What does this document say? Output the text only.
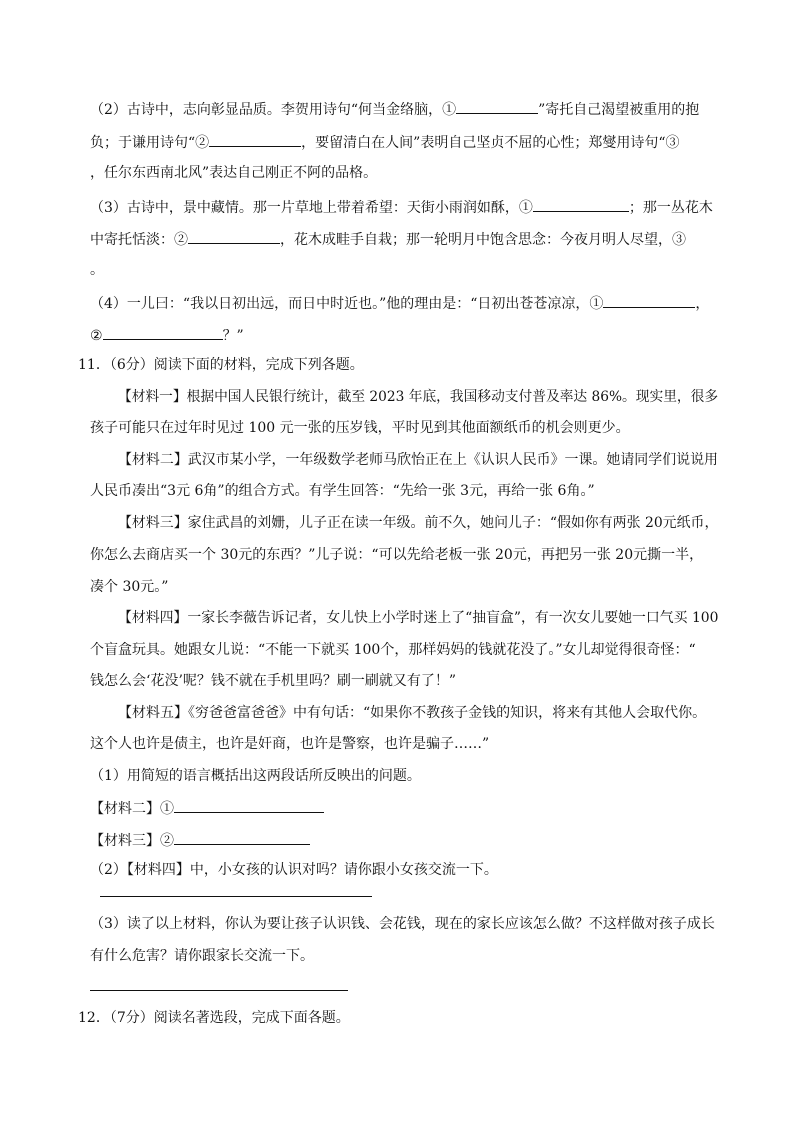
（2）古诗中，志向彰显品质。李贺用诗句“何当金络脑，①	”寄托自己渴望被重用的抱
负；于谦用诗句“②	，要留清白在人间”表明自己坚贞不屈的心性；郑燮用诗句“③
，任尔东西南北风”表达自己刚正不阿的品格。
（3）古诗中，景中藏情。那一片草地上带着希望：天街小雨润如酥，①	；那一丛花木
中寄托恬淡：②	，花木成畦手自栽；那一轮明月中饱含思念：今夜月明人尽望，③
。
（4）一儿曰：“我以日初出远，而日中时近也。”他的理由是：“日初出苍苍凉凉，①	，
②	？”
11．（6分）阅读下面的材料，完成下列各题。
【材料一】根据中国人民银行统计，截至 2023 年底，我国移动支付普及率达 86%。现实里，很多
孩子可能只在过年时见过 100 元一张的压岁钱，平时见到其他面额纸币的机会则更少。
【材料二】武汉市某小学，一年级数学老师马欣怡正在上《认识人民币》一课。她请同学们说说用
人民币凑出“3元 6角”的组合方式。有学生回答：“先给一张 3元，再给一张 6角。”
【材料三】家住武昌的刘姗，儿子正在读一年级。前不久，她问儿子：“假如你有两张 20元纸币，
你怎么去商店买一个 30元的东西？”儿子说：“可以先给老板一张 20元，再把另一张 20元撕一半，
凑个 30元。”
【材料四】一家长李薇告诉记者，女儿快上小学时迷上了“抽盲盒”，有一次女儿要她一口气买 100
个盲盒玩具。她跟女儿说：“不能一下就买 100个，那样妈妈的钱就花没了。”女儿却觉得很奇怪：“
钱怎么会‘花没’呢？钱不就在手机里吗？刷一刷就又有了！”
【材料五】《穷爸爸富爸爸》中有句话：“如果你不教孩子金钱的知识，将来有其他人会取代你。
这个人也许是债主，也许是奸商，也许是警察，也许是骗子……”
（1）用简短的语言概括出这两段话所反映出的问题。
【材料二】①
【材料三】②
（2）【材料四】中，小女孩的认识对吗？请你跟小女孩交流一下。
（3）读了以上材料，你认为要让孩子认识钱、会花钱，现在的家长应该怎么做？不这样做对孩子成长
有什么危害？请你跟家长交流一下。
12．（7分）阅读名著选段，完成下面各题。
